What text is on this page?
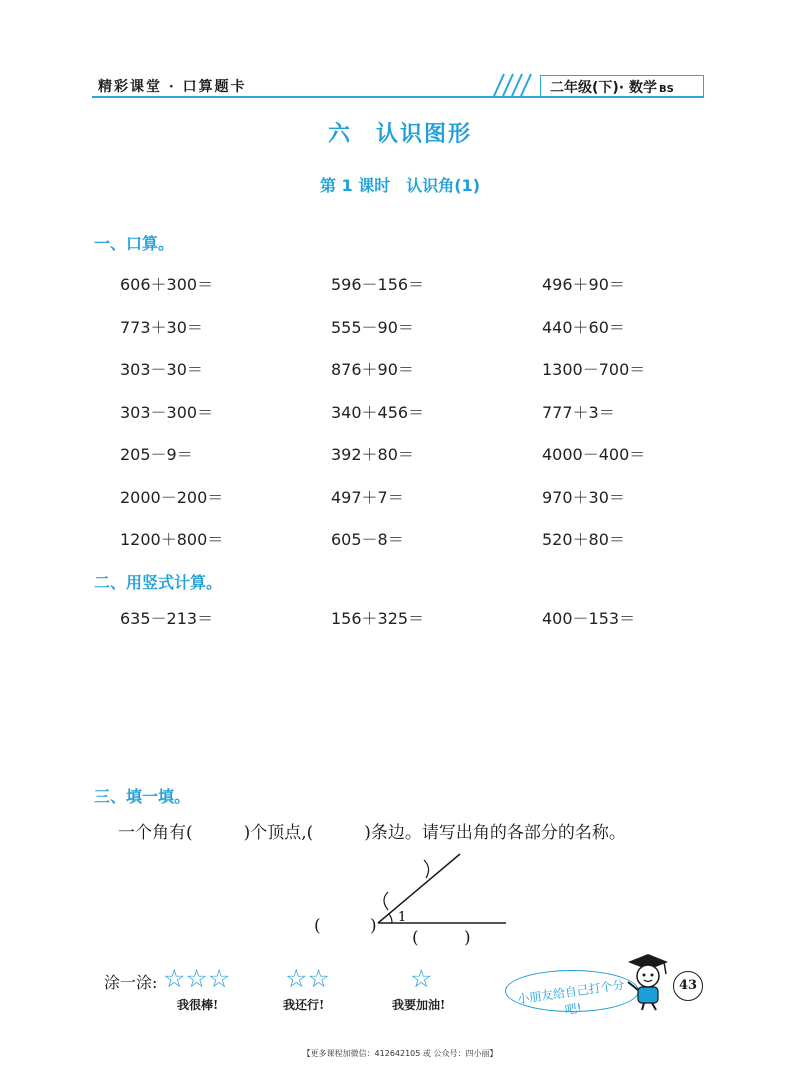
精彩课堂 · 口算题卡	二年级(下)· 数学 BS
六　认识图形
第 1 课时　认识角(1)
一、口算。
606＋300＝	596－156＝	496＋90＝
773＋30＝	555－90＝	440＋60＝
303－30＝	876＋90＝	1300－700＝
303－300＝	340＋456＝	777＋3＝
205－9＝	392＋80＝	4000－400＝
2000－200＝	497＋7＝	970＋30＝
1200＋800＝	605－8＝	520＋80＝
二、用竖式计算。
635－213＝	156＋325＝	400－153＝
三、填一填。
一个角有(　　　)个顶点,(　　　)条边。请写出角的各部分的名称。
1
(	)
(	)
涂一涂: ☆☆☆
我很棒!
☆☆
我还行!
☆
我要加油!	小朋友给自己打个分吧!
43
【更多课程加微信：412642105 或 公众号：四小丽】
